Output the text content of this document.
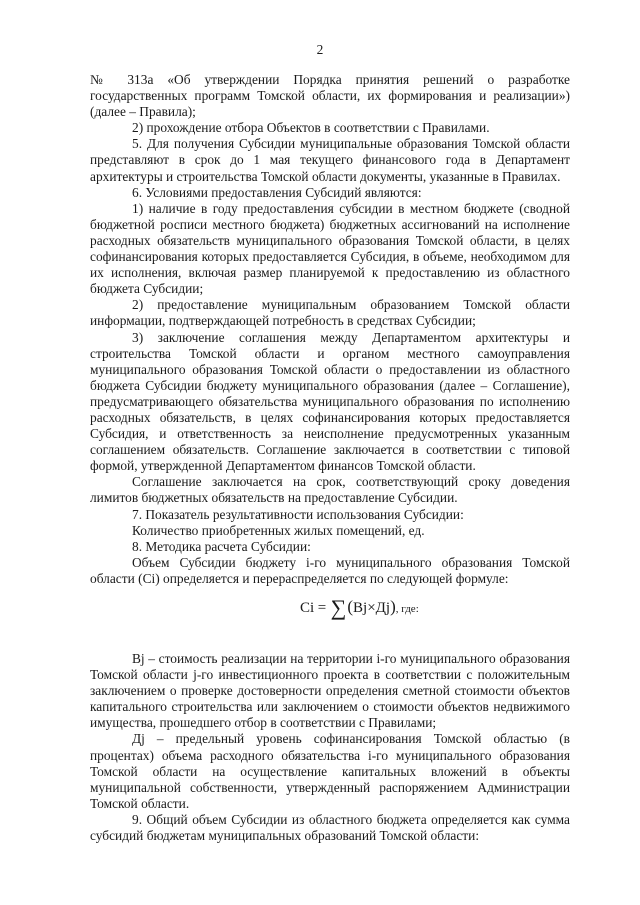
2

№ 313а «Об утверждении Порядка принятия решений о разработке государственных программ Томской области, их формирования и реализации») (далее – Правила);

2) прохождение отбора Объектов в соответствии с Правилами.

5. Для получения Субсидии муниципальные образования Томской области представляют в срок до 1 мая текущего финансового года в Департамент архитектуры и строительства Томской области документы, указанные в Правилах.

6. Условиями предоставления Субсидий являются:

1) наличие в году предоставления субсидии в местном бюджете (сводной бюджетной росписи местного бюджета) бюджетных ассигнований на исполнение расходных обязательств муниципального образования Томской области, в целях софинансирования которых предоставляется Субсидия, в объеме, необходимом для их исполнения, включая размер планируемой к предоставлению из областного бюджета Субсидии;

2) предоставление муниципальным образованием Томской области информации, подтверждающей потребность в средствах Субсидии;

3) заключение соглашения между Департаментом архитектуры и строительства Томской области и органом местного самоуправления муниципального образования Томской области о предоставлении из областного бюджета Субсидии бюджету муниципального образования (далее – Соглашение), предусматривающего обязательства муниципального образования по исполнению расходных обязательств, в целях софинансирования которых предоставляется Субсидия, и ответственность за неисполнение предусмотренных указанным соглашением обязательств. Соглашение заключается в соответствии с типовой формой, утвержденной Департаментом финансов Томской области.

Соглашение заключается на срок, соответствующий сроку доведения лимитов бюджетных обязательств на предоставление Субсидии.

7. Показатель результативности использования Субсидии:

Количество приобретенных жилых помещений, ед.

8. Методика расчета Субсидии:

Объем Субсидии бюджету i-го муниципального образования Томской области (Ci) определяется и перераспределяется по следующей формуле:

Ci = ∑(Bj×Дj), где:

Bj – стоимость реализации на территории i-го муниципального образования Томской области j-го инвестиционного проекта в соответствии с положительным заключением о проверке достоверности определения сметной стоимости объектов капитального строительства или заключением о стоимости объектов недвижимого имущества, прошедшего отбор в соответствии с Правилами;

Дj – предельный уровень софинансирования Томской областью (в процентах) объема расходного обязательства i-го муниципального образования Томской области на осуществление капитальных вложений в объекты муниципальной собственности, утвержденный распоряжением Администрации Томской области.

9. Общий объем Субсидии из областного бюджета определяется как сумма субсидий бюджетам муниципальных образований Томской области:
